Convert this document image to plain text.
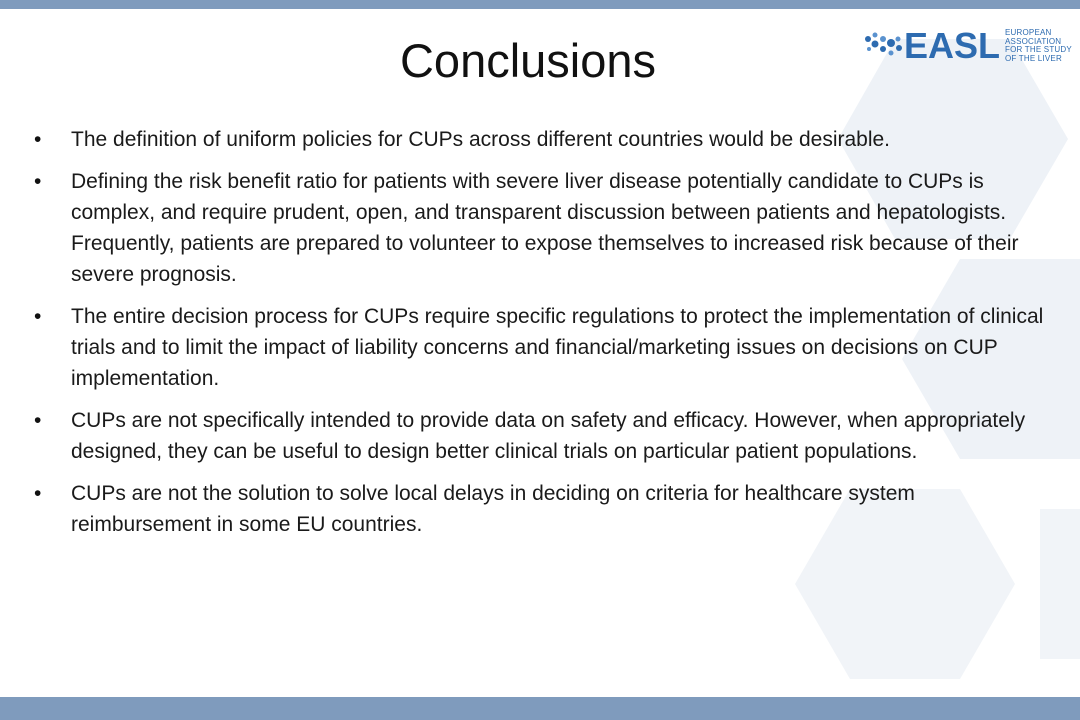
Conclusions	EASL EUROPEAN
ASSOCIATION
FOR THE STUDY
OF THE LIVER
• The definition of uniform policies for CUPs across different countries would be desirable.
• Defining the risk benefit ratio for patients with severe liver disease potentially candidate to CUPs is complex, and require prudent, open, and transparent discussion between patients and hepatologists. Frequently, patients are prepared to volunteer to expose themselves to increased risk because of their severe prognosis.
• The entire decision process for CUPs require specific regulations to protect the implementation of clinical trials and to limit the impact of liability concerns and financial/marketing issues on decisions on CUP implementation.
• CUPs are not specifically intended to provide data on safety and efficacy. However, when appropriately designed, they can be useful to design better clinical trials on particular patient populations.
• CUPs are not the solution to solve local delays in deciding on criteria for healthcare system reimbursement in some EU countries.
